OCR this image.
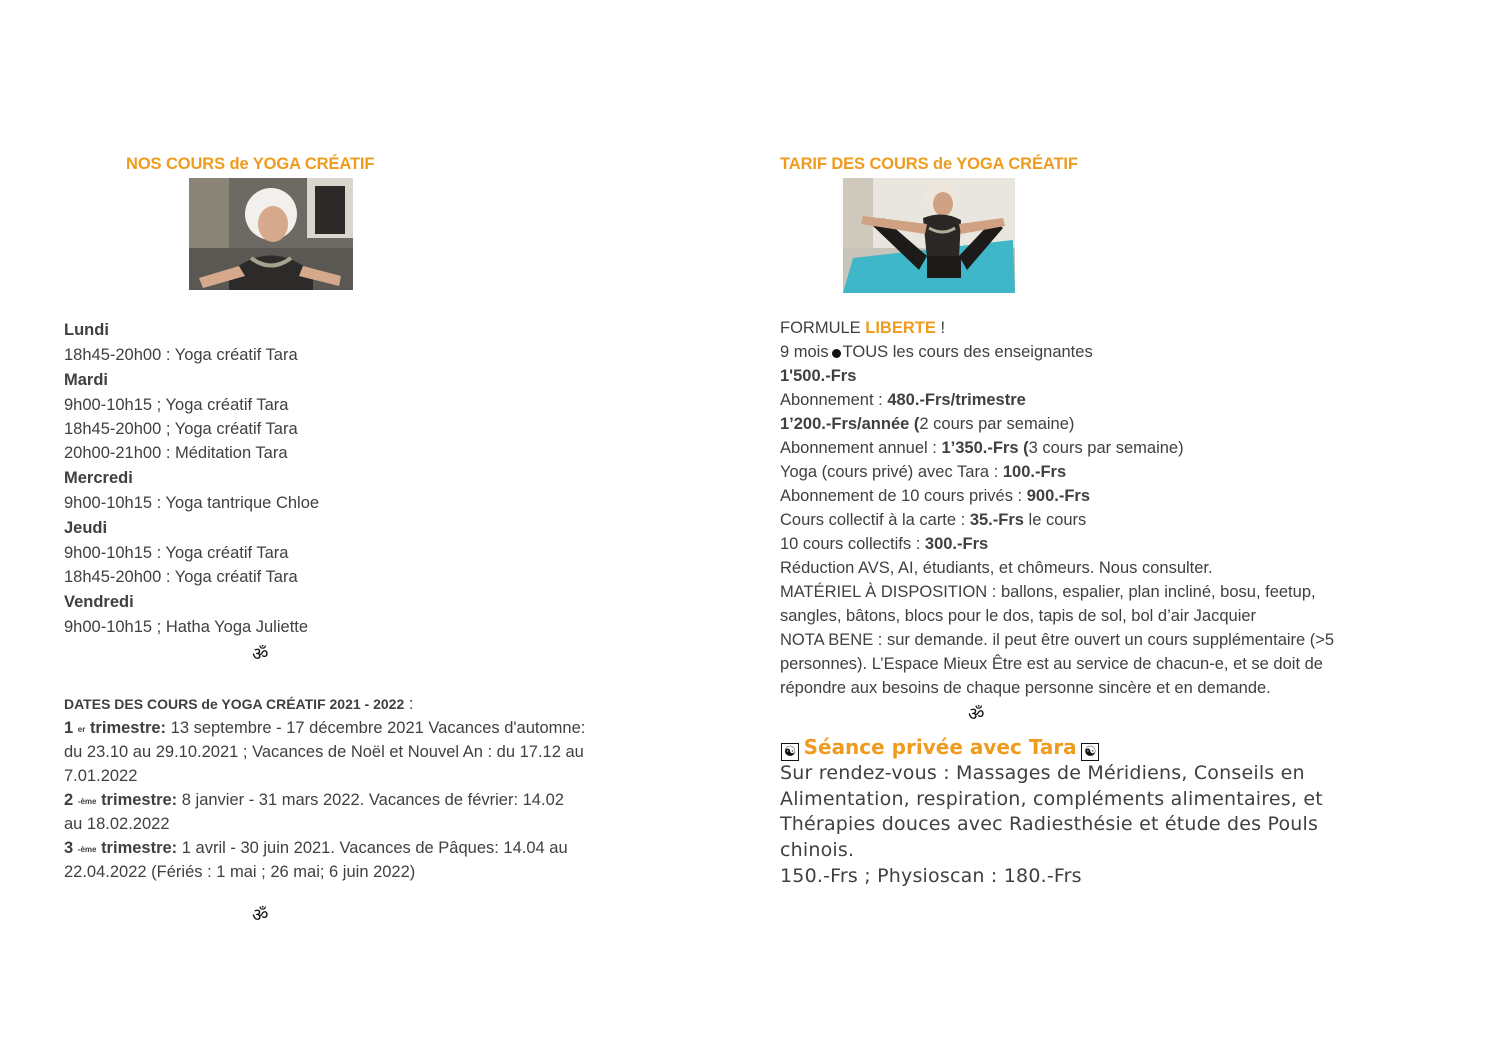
NOS COURS de YOGA CRÉATIF
Lundi
18h45-20h00 : Yoga créatif Tara
Mardi
9h00-10h15 ; Yoga créatif Tara
18h45-20h00 ; Yoga créatif Tara
20h00-21h00 : Méditation Tara
Mercredi
9h00-10h15 : Yoga tantrique Chloe
Jeudi
9h00-10h15 : Yoga créatif Tara
18h45-20h00 : Yoga créatif Tara
Vendredi
9h00-10h15 ; Hatha Yoga Juliette
ॐ
DATES DES COURS de YOGA CRÉATIF 2021 - 2022 :
1 $^{er}$ trimestre: 13 septembre - 17 décembre 2021 Vacances d'automne:
du 23.10 au 29.10.2021 ; Vacances de Noël et Nouvel An : du 17.12 au
7.01.2022
2 $^{-ème}$ trimestre: 8 janvier - 31 mars 2022. Vacances de février: 14.02
au 18.02.2022
3 $^{-ème}$ trimestre: 1 avril - 30 juin 2021. Vacances de Pâques: 14.04 au
22.04.2022 (Fériés : 1 mai ; 26 mai; 6 juin 2022)
ॐ
TARIF DES COURS de YOGA CRÉATIF
FORMULE LIBERTE !
9 mois TOUS les cours des enseignantes
1'500.-Frs
Abonnement : 480.-Frs/trimestre
1’200.-Frs/année (2 cours par semaine)
Abonnement annuel : 1’350.-Frs (3 cours par semaine)
Yoga (cours privé) avec Tara : 100.-Frs
Abonnement de 10 cours privés : 900.-Frs
Cours collectif à la carte : 35.-Frs le cours
10 cours collectifs : 300.-Frs
Réduction AVS, AI, étudiants, et chômeurs. Nous consulter.
MATÉRIEL À DISPOSITION : ballons, espalier, plan incliné, bosu, feetup,
sangles, bâtons, blocs pour le dos, tapis de sol, bol d’air Jacquier
NOTA BENE : sur demande. il peut être ouvert un cours supplémentaire (>5
personnes). L’Espace Mieux Être est au service de chacun-e, et se doit de
répondre aux besoins de chaque personne sincère et en demande.
ॐ
☯ Séance privée avec Tara ☯
Sur rendez-vous : Massages de Méridiens, Conseils en
Alimentation, respiration, compléments alimentaires, et
Thérapies douces avec Radiesthésie et étude des Pouls
chinois.
150.-Frs ; Physioscan : 180.-Frs
